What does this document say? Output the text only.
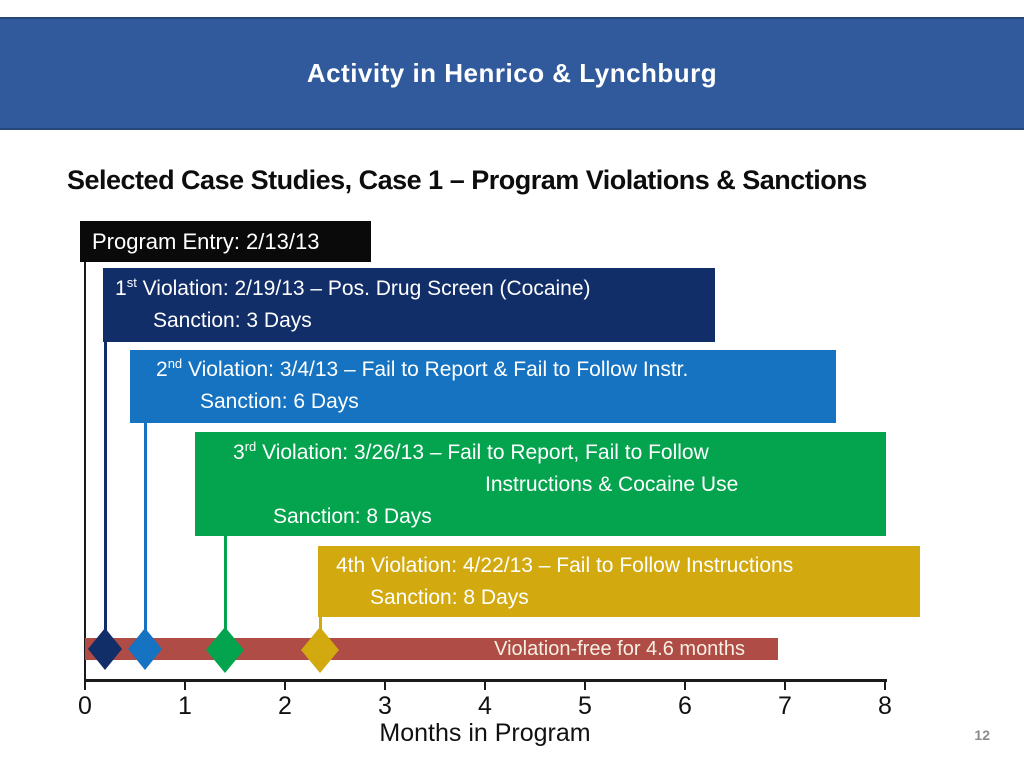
Activity in Henrico & Lynchburg
Selected Case Studies, Case 1 – Program Violations & Sanctions
Program Entry: 2/13/13
1st Violation: 2/19/13 – Pos. Drug Screen (Cocaine)
Sanction: 3 Days
2nd Violation: 3/4/13 – Fail to Report & Fail to Follow Instr.
Sanction: 6 Days
3rd Violation: 3/26/13 – Fail to Report, Fail to Follow
Instructions & Cocaine Use
Sanction: 8 Days
4th Violation: 4/22/13 – Fail to Follow Instructions
Sanction: 8 Days
Violation-free for 4.6 months
0	1	2	3	4	5	6	7	8
Months in Program	12
